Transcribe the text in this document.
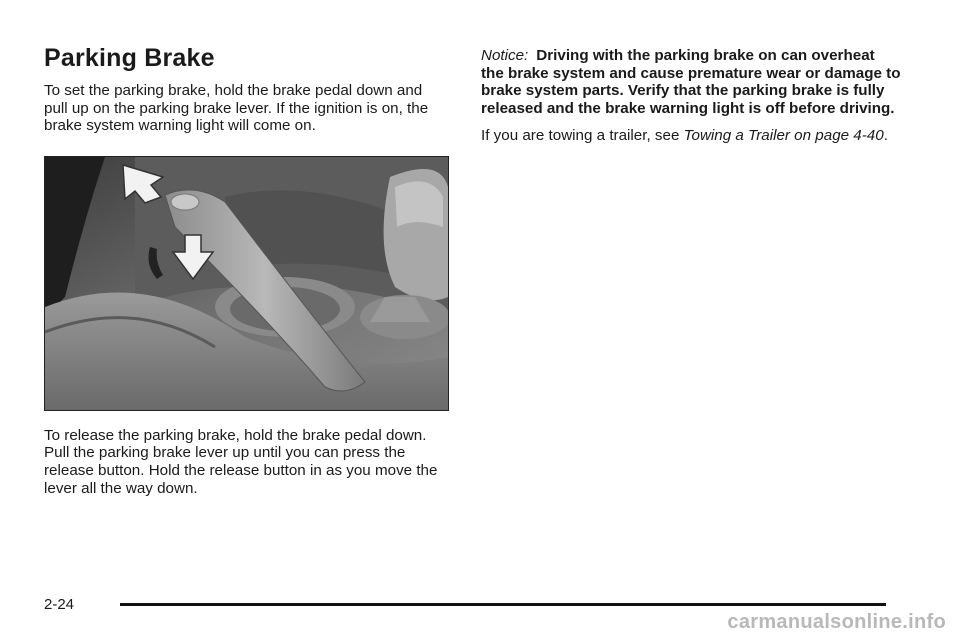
Parking Brake

To set the parking brake, hold the brake pedal down and pull up on the parking brake lever. If the ignition is on, the brake system warning light will come on.

To release the parking brake, hold the brake pedal down. Pull the parking brake lever up until you can press the release button. Hold the release button in as you move the lever all the way down.

Notice: Driving with the parking brake on can overheat the brake system and cause premature wear or damage to brake system parts. Verify that the parking brake is fully released and the brake warning light is off before driving.

If you are towing a trailer, see Towing a Trailer on page 4-40.

2-24
carmanualsonline.info
